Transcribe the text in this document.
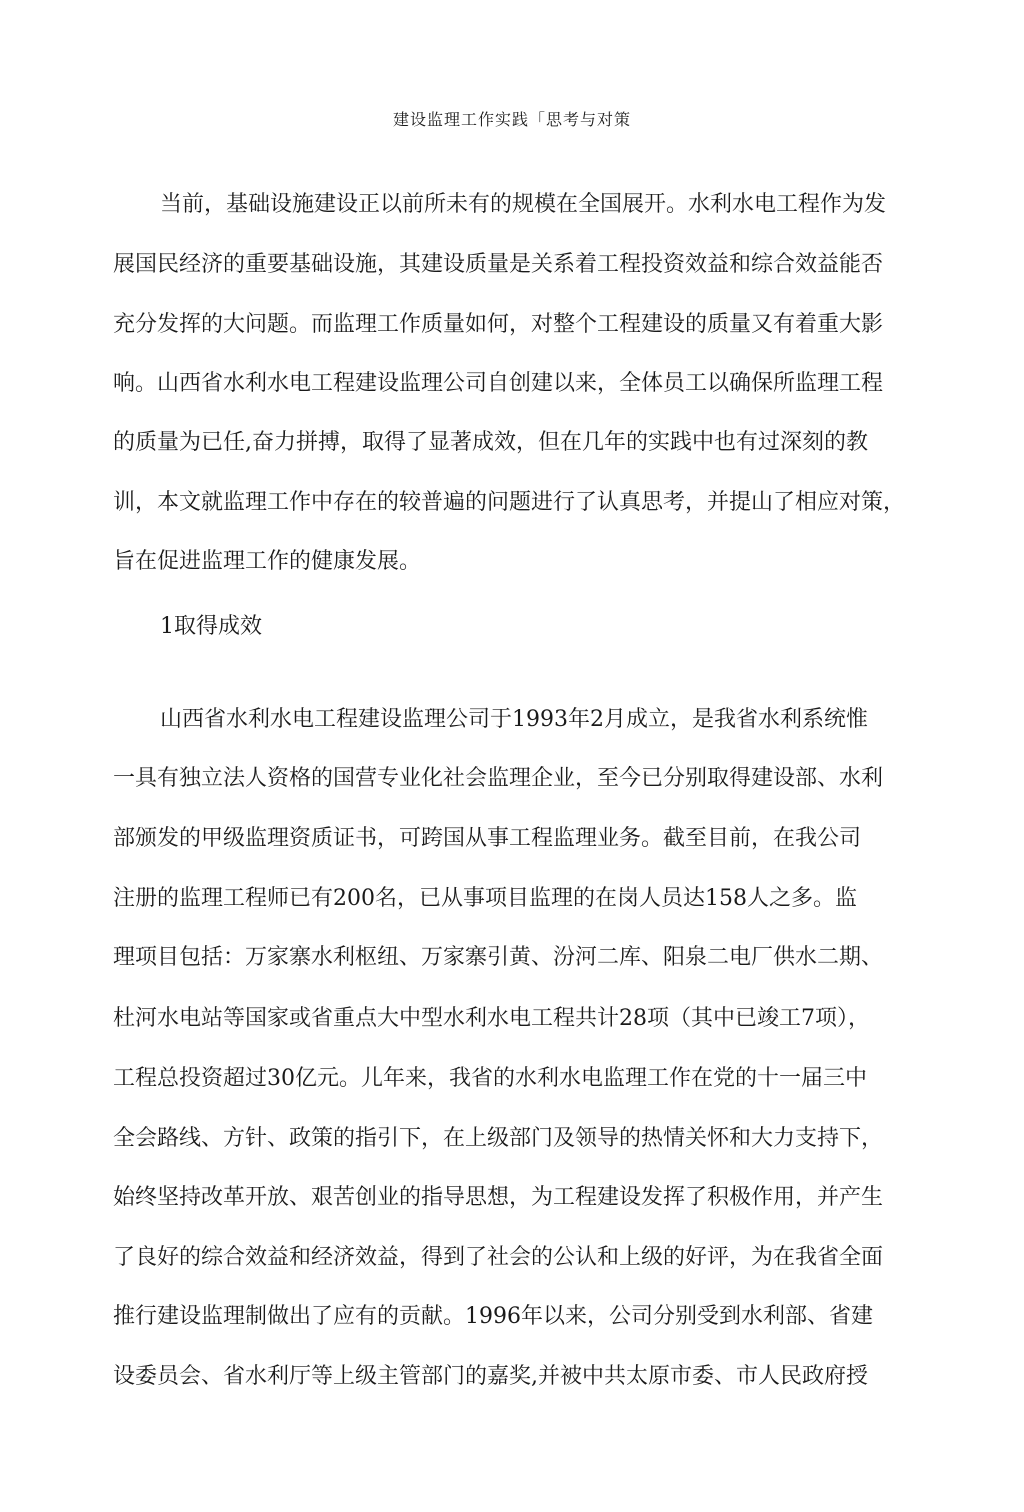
建设监理工作实践「思考与对策

当前，基础设施建设正以前所未有的规模在全国展开。水利水电工程作为发

展国民经济的重要基础设施，其建设质量是关系着工程投资效益和综合效益能否

充分发挥的大问题。而监理工作质量如何，对整个工程建设的质量又有着重大影

响。山西省水利水电工程建设监理公司自创建以来，全体员工以确保所监理工程

的质量为已任,奋力拼搏，取得了显著成效，但在几年的实践中也有过深刻的教

训，本文就监理工作中存在的较普遍的问题进行了认真思考，并提山了相应对策，

旨在促进监理工作的健康发展。

1取得成效

山西省水利水电工程建设监理公司于1993年2月成立，是我省水利系统惟

一具有独立法人资格的国营专业化社会监理企业，至今已分别取得建设部、水利

部颁发的甲级监理资质证书，可跨国从事工程监理业务。截至目前，在我公司

注册的监理工程师已有200名，已从事项目监理的在岗人员达158人之多。监

理项目包括：万家寨水利枢纽、万家寨引黄、汾河二库、阳泉二电厂供水二期、

杜河水电站等国家或省重点大中型水利水电工程共计28项（其中已竣工7项），

工程总投资超过30亿元。儿年来，我省的水利水电监理工作在党的十一届三中

全会路线、方针、政策的指引下，在上级部门及领导的热情关怀和大力支持下，

始终坚持改革开放、艰苦创业的指导思想，为工程建设发挥了积极作用，并产生

了良好的综合效益和经济效益，得到了社会的公认和上级的好评，为在我省全面

推行建设监理制做出了应有的贡献。1996年以来，公司分别受到水利部、省建

设委员会、省水利厅等上级主管部门的嘉奖,并被中共太原市委、市人民政府授
